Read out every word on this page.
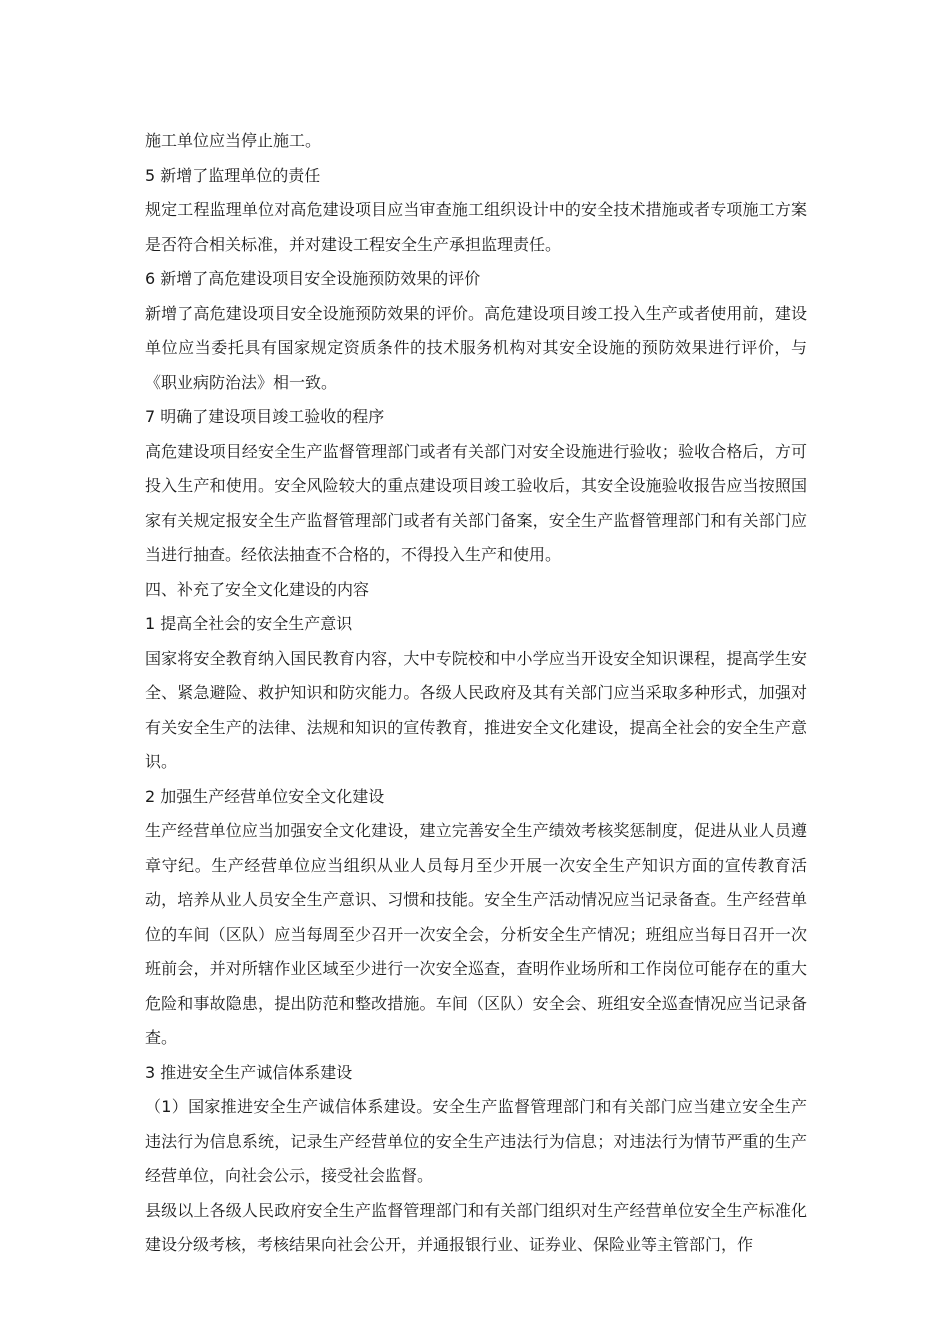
施工单位应当停止施工。

5 新增了监理单位的责任

规定工程监理单位对高危建设项目应当审查施工组织设计中的安全技术措施或者专项施工方案是否符合相关标准，并对建设工程安全生产承担监理责任。

6 新增了高危建设项目安全设施预防效果的评价

新增了高危建设项目安全设施预防效果的评价。高危建设项目竣工投入生产或者使用前，建设单位应当委托具有国家规定资质条件的技术服务机构对其安全设施的预防效果进行评价，与《职业病防治法》相一致。

7 明确了建设项目竣工验收的程序

高危建设项目经安全生产监督管理部门或者有关部门对安全设施进行验收；验收合格后，方可投入生产和使用。安全风险较大的重点建设项目竣工验收后，其安全设施验收报告应当按照国家有关规定报安全生产监督管理部门或者有关部门备案，安全生产监督管理部门和有关部门应当进行抽查。经依法抽查不合格的，不得投入生产和使用。

四、补充了安全文化建设的内容

1 提高全社会的安全生产意识

国家将安全教育纳入国民教育内容，大中专院校和中小学应当开设安全知识课程，提高学生安全、紧急避险、救护知识和防灾能力。各级人民政府及其有关部门应当采取多种形式，加强对有关安全生产的法律、法规和知识的宣传教育，推进安全文化建设，提高全社会的安全生产意识。

2 加强生产经营单位安全文化建设

生产经营单位应当加强安全文化建设，建立完善安全生产绩效考核奖惩制度，促进从业人员遵章守纪。生产经营单位应当组织从业人员每月至少开展一次安全生产知识方面的宣传教育活动，培养从业人员安全生产意识、习惯和技能。安全生产活动情况应当记录备查。生产经营单位的车间（区队）应当每周至少召开一次安全会，分析安全生产情况；班组应当每日召开一次班前会，并对所辖作业区域至少进行一次安全巡查，查明作业场所和工作岗位可能存在的重大危险和事故隐患，提出防范和整改措施。车间（区队）安全会、班组安全巡查情况应当记录备查。

3 推进安全生产诚信体系建设

（1）国家推进安全生产诚信体系建设。安全生产监督管理部门和有关部门应当建立安全生产违法行为信息系统，记录生产经营单位的安全生产违法行为信息；对违法行为情节严重的生产经营单位，向社会公示，接受社会监督。

县级以上各级人民政府安全生产监督管理部门和有关部门组织对生产经营单位安全生产标准化建设分级考核，考核结果向社会公开，并通报银行业、证券业、保险业等主管部门，作
